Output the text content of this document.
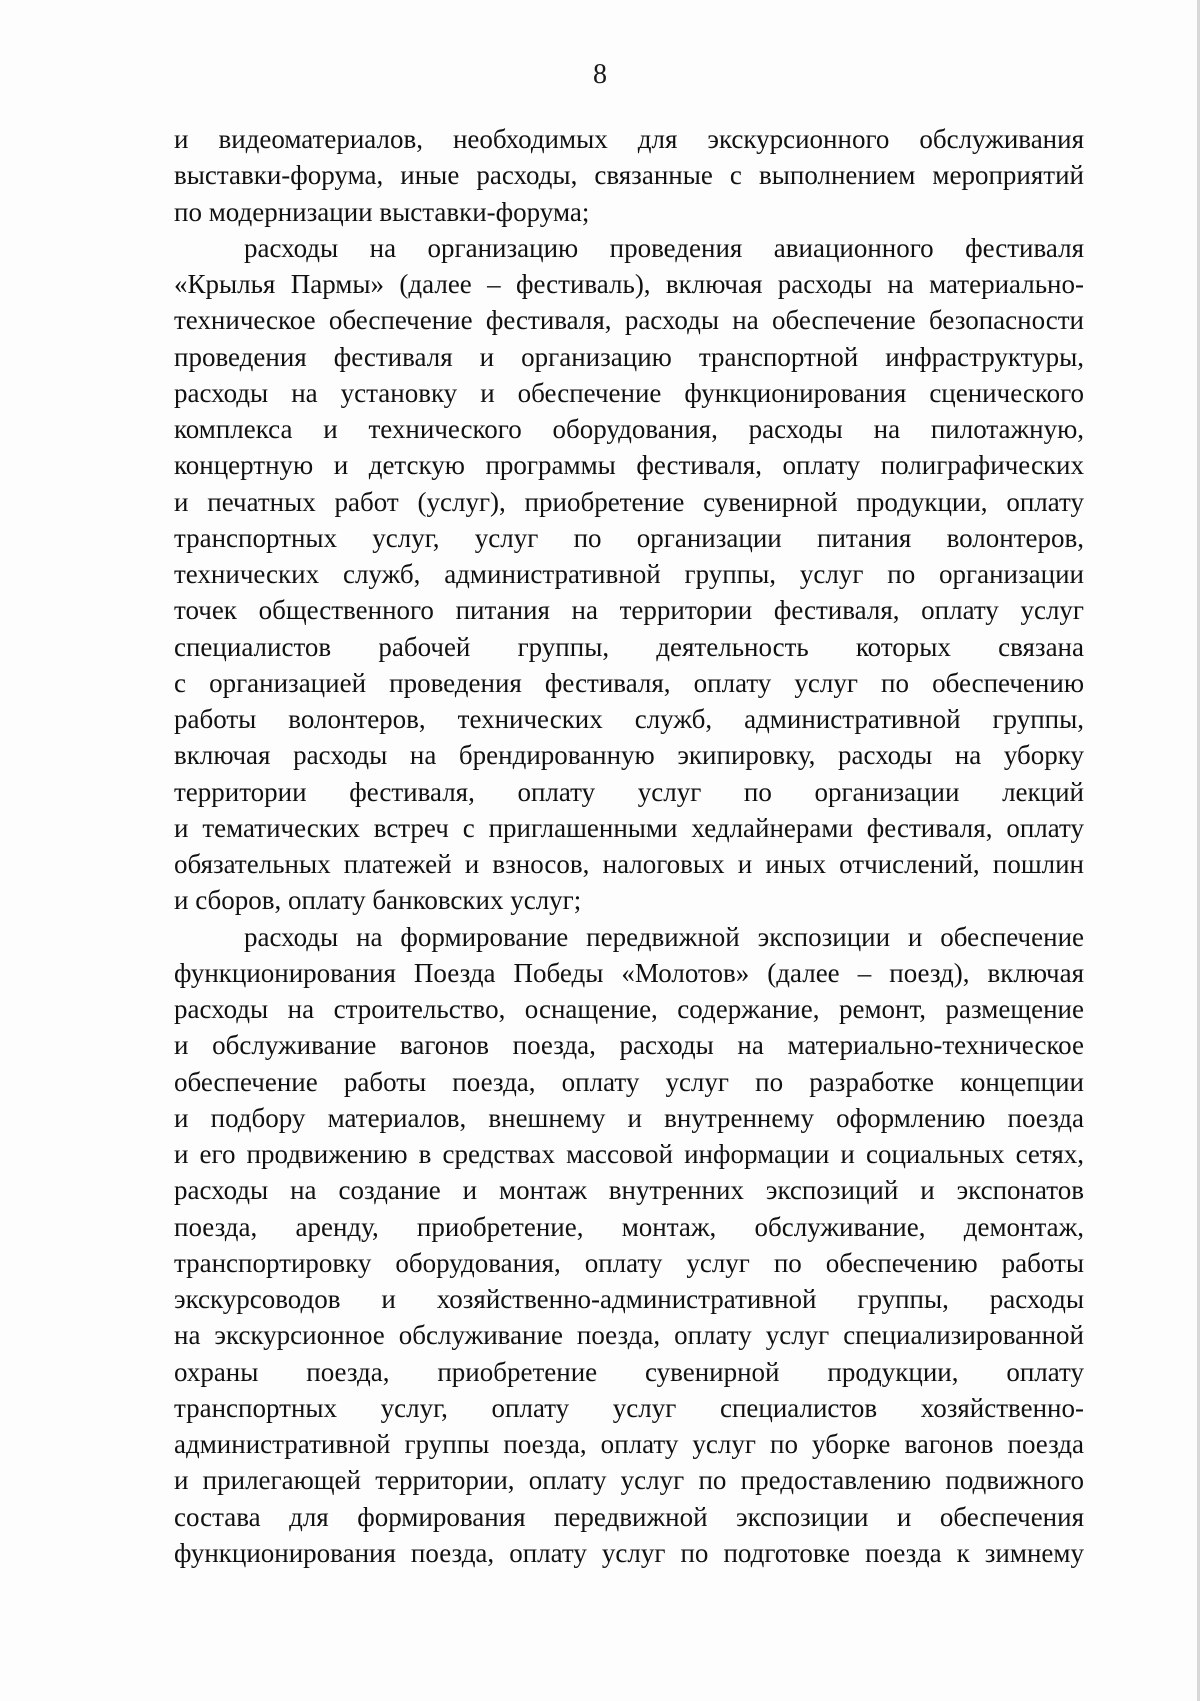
8

и видеоматериалов, необходимых для экскурсионного обслуживания
выставки-форума, иные расходы, связанные с выполнением мероприятий
по модернизации выставки-форума;

расходы на организацию проведения авиационного фестиваля
«Крылья Пармы» (далее – фестиваль), включая расходы на материально-
техническое обеспечение фестиваля, расходы на обеспечение безопасности
проведения фестиваля и организацию транспортной инфраструктуры,
расходы на установку и обеспечение функционирования сценического
комплекса и технического оборудования, расходы на пилотажную,
концертную и детскую программы фестиваля, оплату полиграфических
и печатных работ (услуг), приобретение сувенирной продукции, оплату
транспортных услуг, услуг по организации питания волонтеров,
технических служб, административной группы, услуг по организации
точек общественного питания на территории фестиваля, оплату услуг
специалистов рабочей группы, деятельность которых связана
с организацией проведения фестиваля, оплату услуг по обеспечению
работы волонтеров, технических служб, административной группы,
включая расходы на брендированную экипировку, расходы на уборку
территории фестиваля, оплату услуг по организации лекций
и тематических встреч с приглашенными хедлайнерами фестиваля, оплату
обязательных платежей и взносов, налоговых и иных отчислений, пошлин
и сборов, оплату банковских услуг;

расходы на формирование передвижной экспозиции и обеспечение
функционирования Поезда Победы «Молотов» (далее – поезд), включая
расходы на строительство, оснащение, содержание, ремонт, размещение
и обслуживание вагонов поезда, расходы на материально-техническое
обеспечение работы поезда, оплату услуг по разработке концепции
и подбору материалов, внешнему и внутреннему оформлению поезда
и его продвижению в средствах массовой информации и социальных сетях,
расходы на создание и монтаж внутренних экспозиций и экспонатов
поезда, аренду, приобретение, монтаж, обслуживание, демонтаж,
транспортировку оборудования, оплату услуг по обеспечению работы
экскурсоводов и хозяйственно-административной группы, расходы
на экскурсионное обслуживание поезда, оплату услуг специализированной
охраны поезда, приобретение сувенирной продукции, оплату
транспортных услуг, оплату услуг специалистов хозяйственно-
административной группы поезда, оплату услуг по уборке вагонов поезда
и прилегающей территории, оплату услуг по предоставлению подвижного
состава для формирования передвижной экспозиции и обеспечения
функционирования поезда, оплату услуг по подготовке поезда к зимнему
